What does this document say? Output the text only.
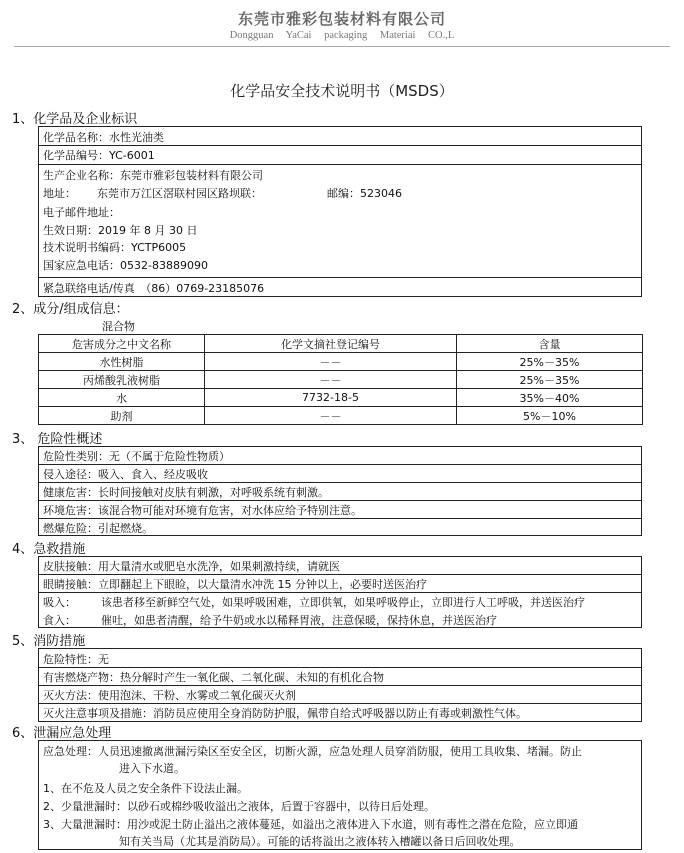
东莞市雅彩包装材料有限公司
Dongguan YaCai packaging Materiai CO.,L
化学品安全技术说明书（MSDS）
1、化学品及企业标识
化学品名称：水性光油类
化学品编号：YC-6001
生产企业名称：东莞市雅彩包装材料有限公司
地址： 东莞市万江区滘联村园区路坝联：	邮编：523046
电子邮件地址：
生效日期：2019 年 8 月 30 日
技术说明书编码：YCTP6005
国家应急电话：0532-83889090
紧急联络电话/传真　（86）0769-23185076
2、成分/组成信息：
混合物
危害成分之中文名称	化学文摘社登记编号	含量
水性树脂	－－	25%－35%
丙烯酸乳液树脂	－－	25%－35%
水	7732-18-5	35%－40%
助剂	－－	5%－10%
3、 危险性概述
危险性类别：无（不属于危险性物质）
侵入途径：吸入、食入、经皮吸收
健康危害：长时间接触对皮肤有刺激，对呼吸系统有刺激。
环境危害：该混合物可能对环境有危害，对水体应给予特别注意。
燃爆危险：引起燃烧。
4、急救措施
皮肤接触：用大量清水或肥皂水洗净，如果刺激持续，请就医
眼睛接触：立即翻起上下眼睑，以大量清水冲洗 15 分钟以上，必要时送医治疗
吸入： 该患者移至新鲜空气处，如果呼吸困难，立即供氧，如果呼吸停止，立即进行人工呼吸，并送医治疗
食入： 催吐，如患者清醒，给予牛奶或水以稀释胃液，注意保暖，保持休息，并送医治疗
5、消防措施
危险特性：无
有害燃烧产物：热分解时产生一氧化碳、二氧化碳、未知的有机化合物
灭火方法：使用泡沫、干粉、水雾或二氧化碳灭火剂
灭火注意事项及措施：消防员应使用全身消防防护服，佩带自给式呼吸器以防止有毒或刺激性气体。
6、泄漏应急处理
应急处理：人员迅速撤离泄漏污染区至安全区，切断火源，应急处理人员穿消防服，使用工具收集、堵漏。防止
进入下水道。
1、在不危及人员之安全条件下设法止漏。
2、少量泄漏时：以砂石或棉纱吸收溢出之液体，后置于容器中，以待日后处理。
3、大量泄漏时：用沙或泥土防止溢出之液体蔓延，如溢出之液体进入下水道，则有毒性之潜在危险，应立即通
知有关当局（尤其是消防局）。可能的话将溢出之液体转入槽罐以备日后回收处理。
